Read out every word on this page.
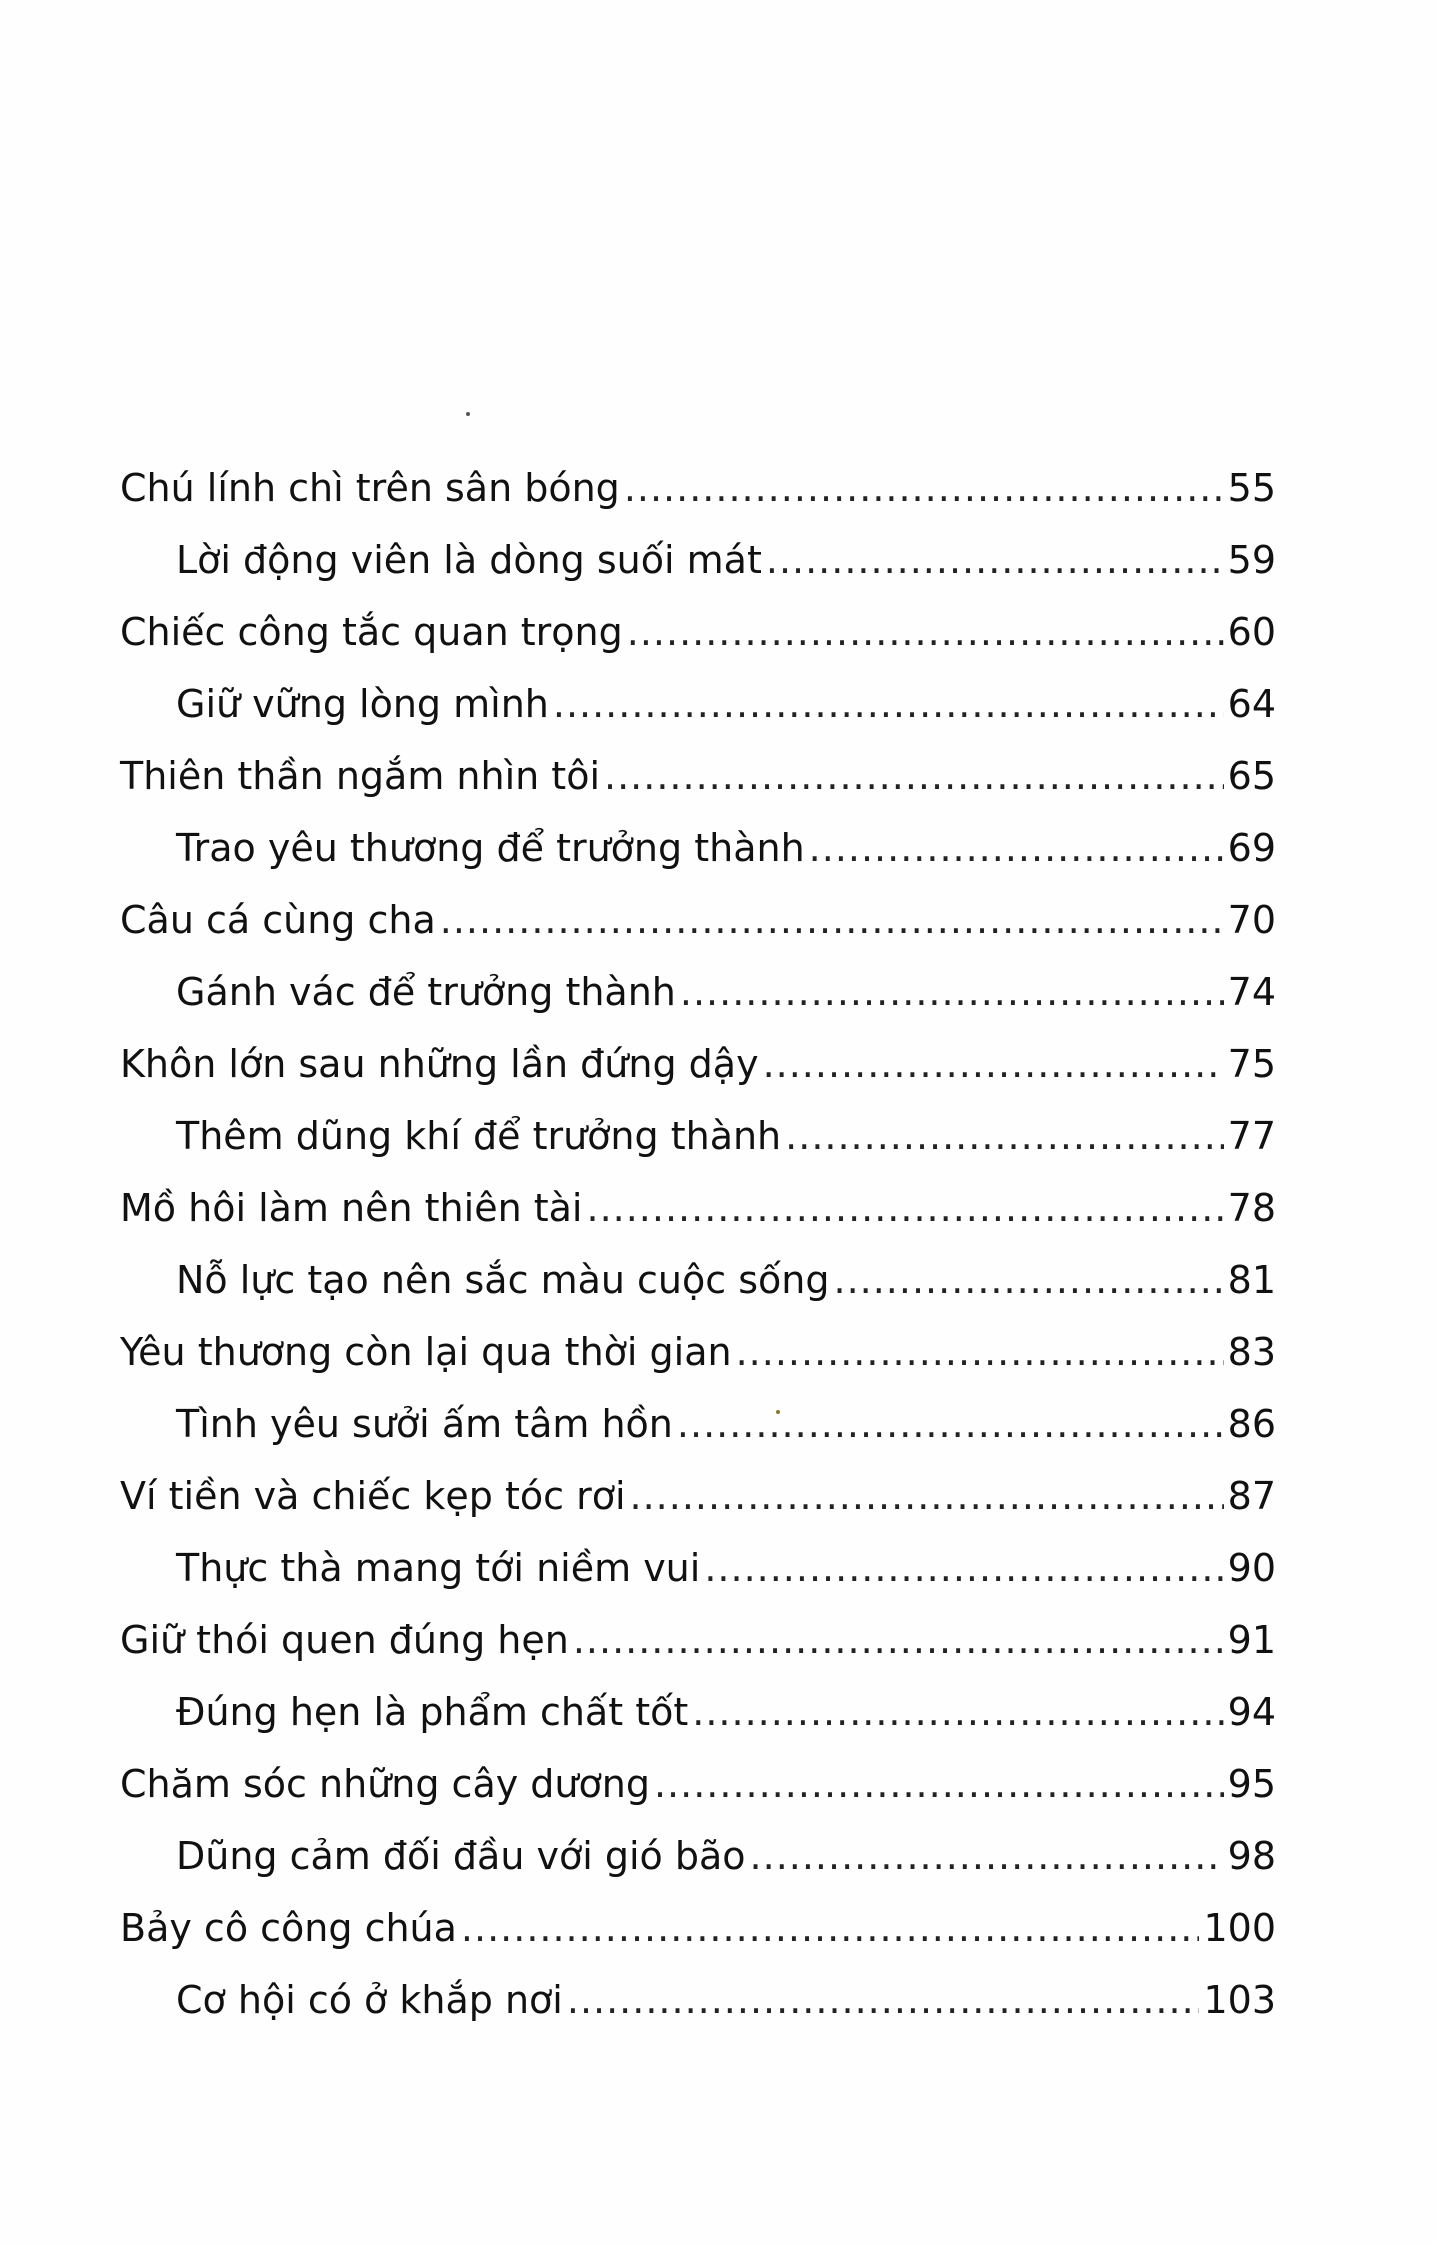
Chú lính chì trên sân bóng .....	55
Lời động viên là dòng suối mát .....	59
Chiếc công tắc quan trọng .....	60
Giữ vững lòng mình .....	64
Thiên thần ngắm nhìn tôi .....	65
Trao yêu thương để trưởng thành .....	69
Câu cá cùng cha .....	70
Gánh vác để trưởng thành .....	74
Khôn lớn sau những lần đứng dậy .....	75
Thêm dũng khí để trưởng thành .....	77
Mồ hôi làm nên thiên tài .....	78
Nỗ lực tạo nên sắc màu cuộc sống .....	81
Yêu thương còn lại qua thời gian .....	83
Tình yêu sưởi ấm tâm hồn .....	86
Ví tiền và chiếc kẹp tóc rơi .....	87
Thực thà mang tới niềm vui .....	90
Giữ thói quen đúng hẹn .....	91
Đúng hẹn là phẩm chất tốt .....	94
Chăm sóc những cây dương .....	95
Dũng cảm đối đầu với gió bão .....	98
Bảy cô công chúa .....	100
Cơ hội có ở khắp nơi .....	103
